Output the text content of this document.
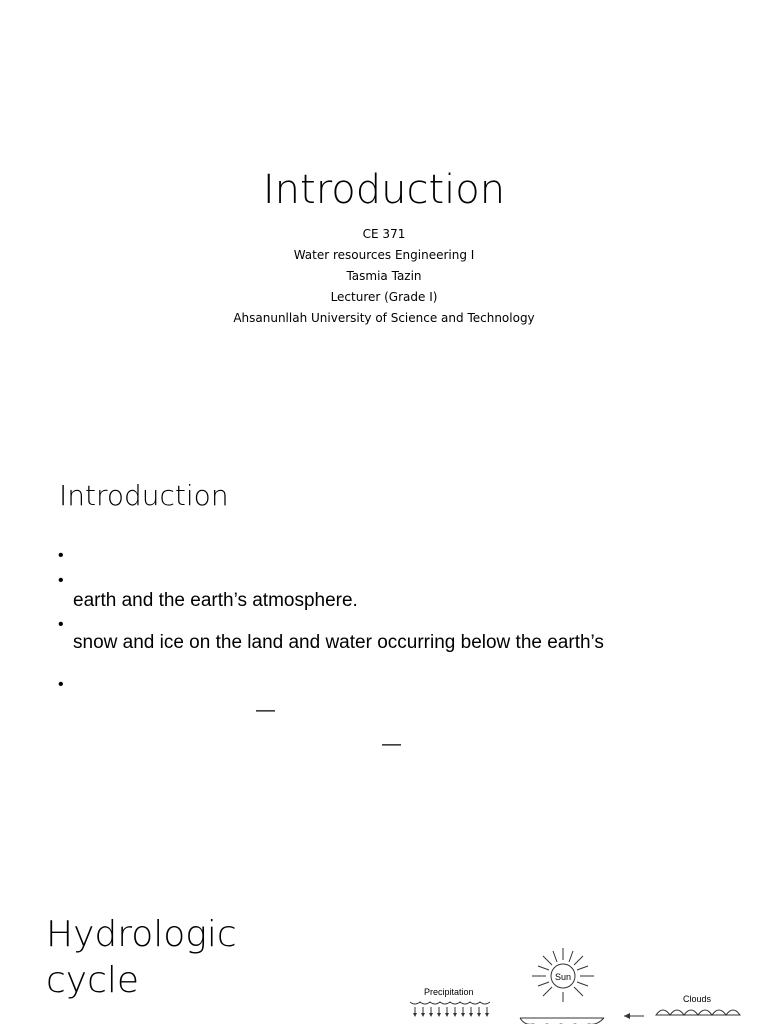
Introduction
CE 371
Water resources Engineering I
Tasmia Tazin
Lecturer (Grade I)
Ahsanunllah University of Science and Technology
Introduction
•
•
earth and the earth’s atmosphere.
•
snow and ice on the land and water occurring below the earth’s
•
—
—
Hydrologic
cycle	Precipitation
Sun
Clouds
